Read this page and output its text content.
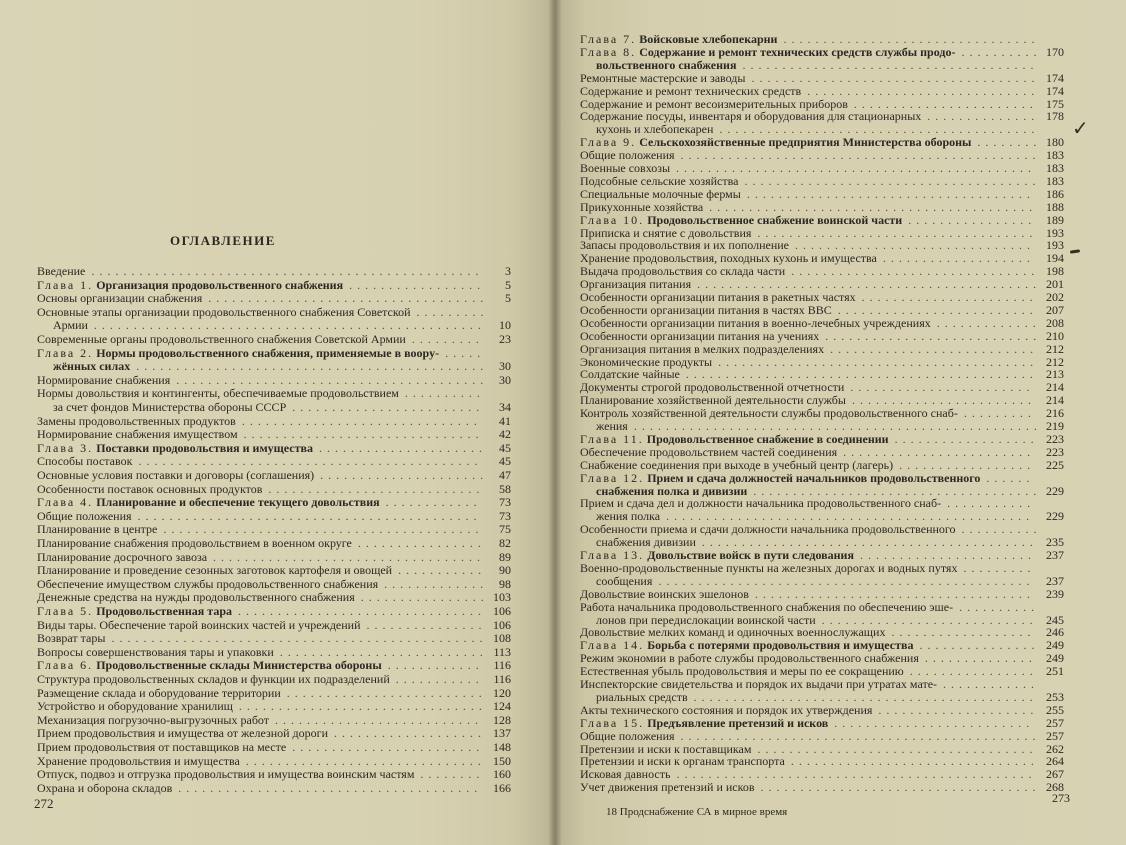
ОГЛАВЛЕНИЕ
Введение	3
.................................................
Глава 1. Организация продовольственного снабжения	5
.................
Основы организации снабжения	5
...................................
Основные этапы организации продовольственного снабжения Советской .........
Армии	10
.................................................
Современные органы продовольственного снабжения Советской Армии	23
.........
Глава 2. Нормы продовольственного снабжения, применяемые в вооpу- .....
жённых силах	30
............................................
Нормирование снабжения	30
.......................................
Нормы довольствия и контингенты, обеспечиваемые продовольствием ..........
за счет фондов Министерства обороны СССР	34
........................
Замены продовольственных продуктов	41
..............................
Нормирование снабжения имуществом	42
..............................
Глава 3. Поставки продовольствия и имущества	45
.....................
Способы поставок	45
...........................................
Основные условия поставки и договоры (соглашения)	47
.....................
Особенности поставок основных продуктов	58
...........................
Глава 4. Планирование и обеспечение текущего довольствия	73
............
Общие положения	73
...........................................
Планирование в центре	75
........................................
Планирование снабжения продовольствием в военном округе	82
................
Планирование досрочного завоза	89
..................................
Планирование и проведение сезонных заготовок картофеля и овощей	90
...........
Обеспечение имуществом службы продовольственного снабжения	98
.............
Денежные средства на нужды продовольственного снабжения	103
................
Глава 5. Продовольственная тара	106
...............................
Виды тары. Обеспечение тарой воинских частей и учреждений	106
...............
Возврат тары	108
...............................................
Вопросы совершенствования тары и упаковки	113
..........................
Глава 6. Продовольственные склады Министерства обороны	116
............
Структура продовольственных складов и функции их подразделений	116
...........
Размещение склада и оборудование территории	120
.........................
Устройство и оборудование хранилищ	124
...............................
Механизация погрузочно-выгрузочных работ	128
..........................
Прием продовольствия и имущества от железной дороги	137
...................
Прием продовольствия от поставщиков на месте	148
........................
Хранение продовольствия и имущества	150
..............................
Отпуск, подвоз и отгрузка продовольствия и имущества воинским частям	160
........
Охрана и оборона складов	166
......................................
Глава 7. Войсковые хлебопекарни ................................
Глава 8. Содержание и ремонт технических средств службы продо-	170
..........
вольственного снабжения .....................................
Ремонтные мастерские и заводы	174
....................................
Содержание и ремонт технических средств	174
.............................
Содержание и ремонт весоизмерительных приборов	175
.......................
Содержание посуды, инвентаря и оборудования для стационарных	178
..............
кухонь и хлебопекарен ........................................
Глава 9. Сельскохозяйственные предприятия Министерства обороны	180
........
Общие положения	183
.............................................
Военные совхозы	183
.............................................
Подсобные сельские хозяйства	183
.....................................
Специальные молочные фермы	186
....................................
Прикухонные хозяйства	188
.........................................
Глава 10. Продовольственное снабжение воинской части	189
................
Приписка и снятие с довольствия	193
...................................
Запасы продовольствия и их пополнение	193
..............................
Хранение продовольствия, походных кухонь и имущества	194
...................
Выдача продовольствия со склада части	198
...............................
Организация питания	201
...........................................
Особенности организации питания в ракетных частях	202
......................
Особенности организации питания в частях ВВС	207
.........................
Особенности организации питания в военно-лечебных учреждениях	208
.............
Особенности организации питания на учениях	210
...........................
Организация питания в мелких подразделениях	212
..........................
Экономические продукты	212
........................................
Солдатские чайные	213
............................................
Документы строгой продовольственной отчетности	214
.......................
Планирование хозяйственной деятельности службы	214
.......................
Контроль хозяйственной деятельности службы продовольственного снаб-	216
.........
жения	219
...................................................
Глава 11. Продовольственное снабжение в соединении	223
..................
Обеспечение продовольствием частей соединения	223
........................
Снабжение соединения при выходе в учебный центр (лагерь)	225
.................
Глава 12. Прием и сдача должностей начальников продовольственного ......
снабжения полка и дивизии	229
....................................
Прием и сдача дел и должности начальника продовольственного снаб- ...........
жения полка	229
..............................................
Особенности приема и сдачи должности начальника продовольственного ..........
снабжения дивизии	235
..........................................
Глава 13. Довольствие войск в пути следования	237
......................
Военно-продовольственные пункты на железных дорогах и водных путях .........
сообщения	237
...............................................
Довольствие воинских эшелонов	239
...................................
Работа начальника продовольственного снабжения по обеспечению эше- ..........
лонов при передислокации воинской части	245
...........................
Довольствие мелких команд и одиночных военнослужащих	246
..................
Глава 14. Борьба с потерями продовольствия и имущества	249
...............
Режим экономии в работе службы продовольственного снабжения	249
..............
Естественная убыль продовольствия и меры по ее сокращению	251
................
Инспекторские свидетельства и порядок их выдачи при утратах мате- ............
риальных средств	253
...........................................
Акты технического состояния и порядок их утверждения	255
....................
Глава 15. Предъявление претензий и исков	257
.........................
Общие положения	257
.............................................
Претензии и иски к поставщикам	262
...................................
Претензии и иски к органам транспорта	264
...............................
Исковая давность	267
.............................................
Учет движения претензий и исков	268
...................................
272
18 Продснабжение СА в мирное время
273
✓
